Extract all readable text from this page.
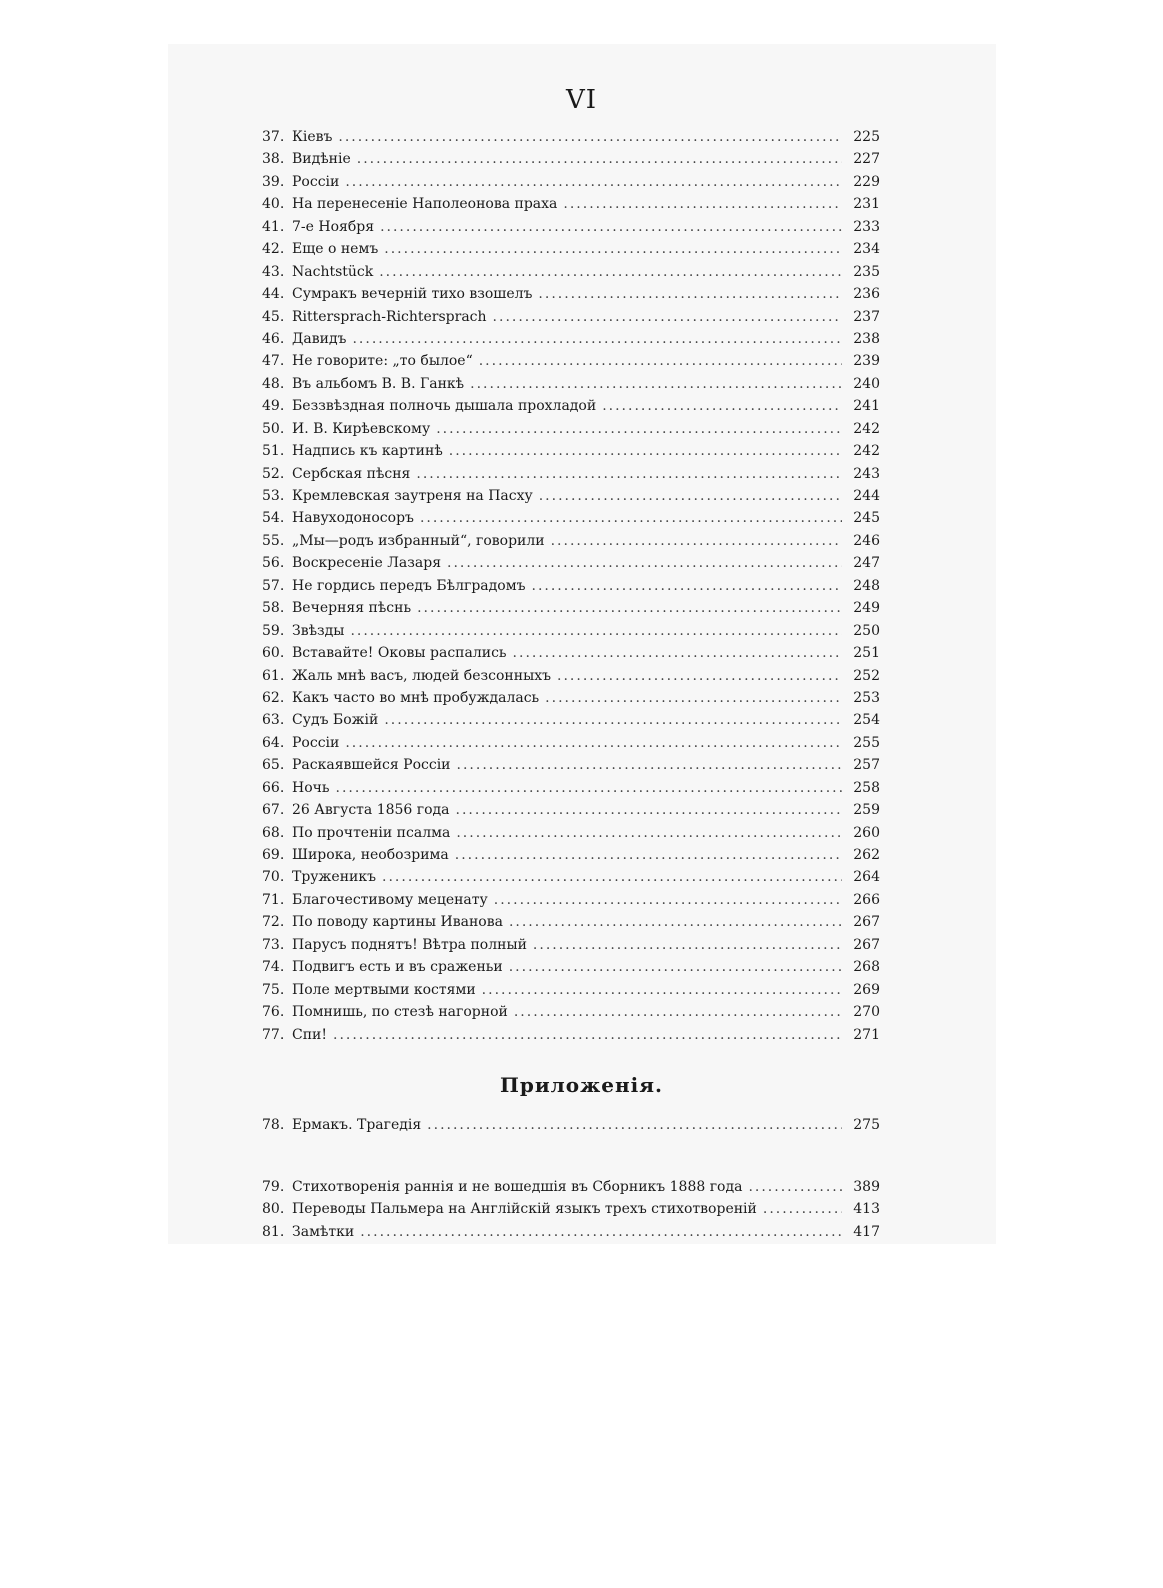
VI
37. Кіевъ .....	225
38. Видѣніе .....	227
39. Россіи .....	229
40. На перенесеніе Наполеонова праха .....	231
41. 7-е Ноября .....	233
42. Еще о немъ .....	234
43. Nachtstück .....	235
44. Сумракъ вечерній тихо взошелъ .....	236
45. Rittersprach-Richtersprach .....	237
46. Давидъ .....	238
47. Не говорите: „то былое“ .....	239
48. Въ альбомъ В. В. Ганкѣ .....	240
49. Беззвѣздная полночь дышала прохладой .....	241
50. И. В. Кирѣевскому .....	242
51. Надпись къ картинѣ .....	242
52. Сербская пѣсня .....	243
53. Кремлевская заутреня на Пасху .....	244
54. Навуходоносоръ .....	245
55. „Мы—родъ избранный“, говорили .....	246
56. Воскресеніе Лазаря .....	247
57. Не гордись передъ Бѣлградомъ .....	248
58. Вечерняя пѣснь .....	249
59. Звѣзды .....	250
60. Вставайте! Оковы распались .....	251
61. Жаль мнѣ васъ, людей безсонныхъ .....	252
62. Какъ часто во мнѣ пробуждалась .....	253
63. Судъ Божій .....	254
64. Россіи .....	255
65. Раскаявшейся Россіи .....	257
66. Ночь .....	258
67. 26 Августа 1856 года .....	259
68. По прочтеніи псалма .....	260
69. Широка, необозрима .....	262
70. Труженикъ .....	264
71. Благочестивому меценату .....	266
72. По поводу картины Иванова .....	267
73. Парусъ поднятъ! Вѣтра полный .....	267
74. Подвигъ есть и въ сраженьи .....	268
75. Поле мертвыми костями .....	269
76. Помнишь, по стезѣ нагорной .....	270
77. Спи! .....	271
Приложенія.
78. Ермакъ. Трагедія .....	275
79. Стихотворенія раннія и не вошедшія въ Сборникъ 1888 года .....	389
80. Переводы Пальмера на Англійскій языкъ трехъ стихотвореній .....	413
81. Замѣтки .....	417
